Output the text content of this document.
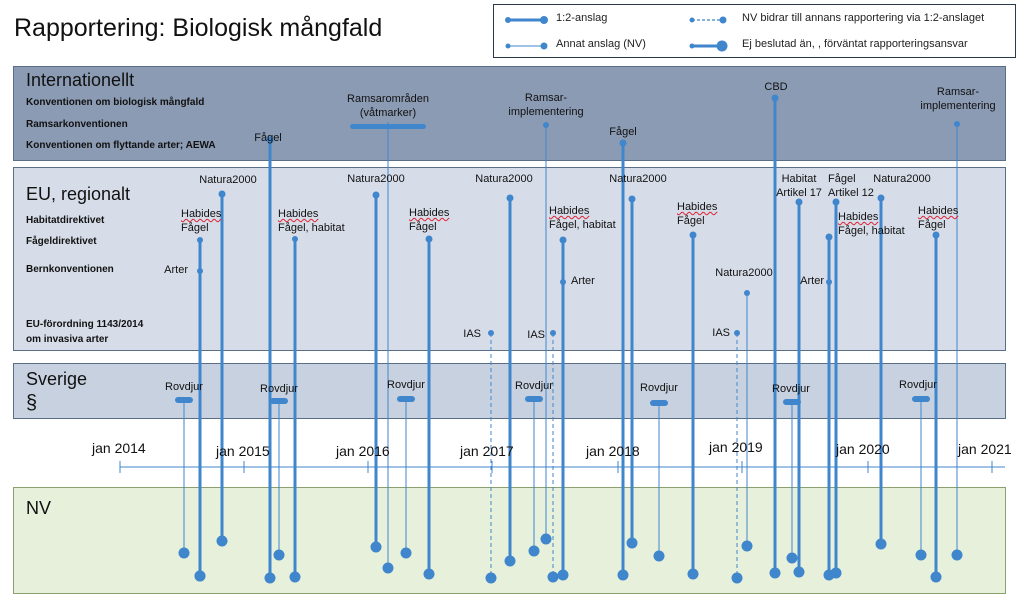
Rapportering: Biologisk mångfald	1:2-anslag
Annat anslag (NV)
NV bidrar till annans rapportering via 1:2-anslaget
Ej beslutad än, , förväntat rapporteringsansvar
Internationellt
Konventionen om biologisk mångfald
Ramsarkonventionen
Konventionen om flyttande arter; AEWA
EU, regionalt
Habitatdirektivet
Fågeldirektivet
Bernkonventionen
EU-förordning 1143/2014
om invasiva arter
Sverige
§
NV
jan 2014	jan 2015	jan 2016	jan 2017	jan 2018	jan 2019	jan 2020	jan 2021
Fågel
Ramsarområden
(våtmarker)
Ramsar-
implementering
Fågel
CBD	Ramsar-
implementering
Natura2000	Natura2000	Natura2000	Natura2000	Natura2000
Natura2000
Habides
Fågel
Habides
Fågel, habitat
Habides
Fågel
Habides
Fågel, habitat
Habides
Fågel
Habitat
Artikel 17
Fågel
Artikel 12
Habides
Fågel, habitat
Habides
Fågel
Arter
Arter	Arter
IAS	IAS	IAS
Rovdjur	Rovdjur	Rovdjur	Rovdjur	Rovdjur	Rovdjur	Rovdjur
